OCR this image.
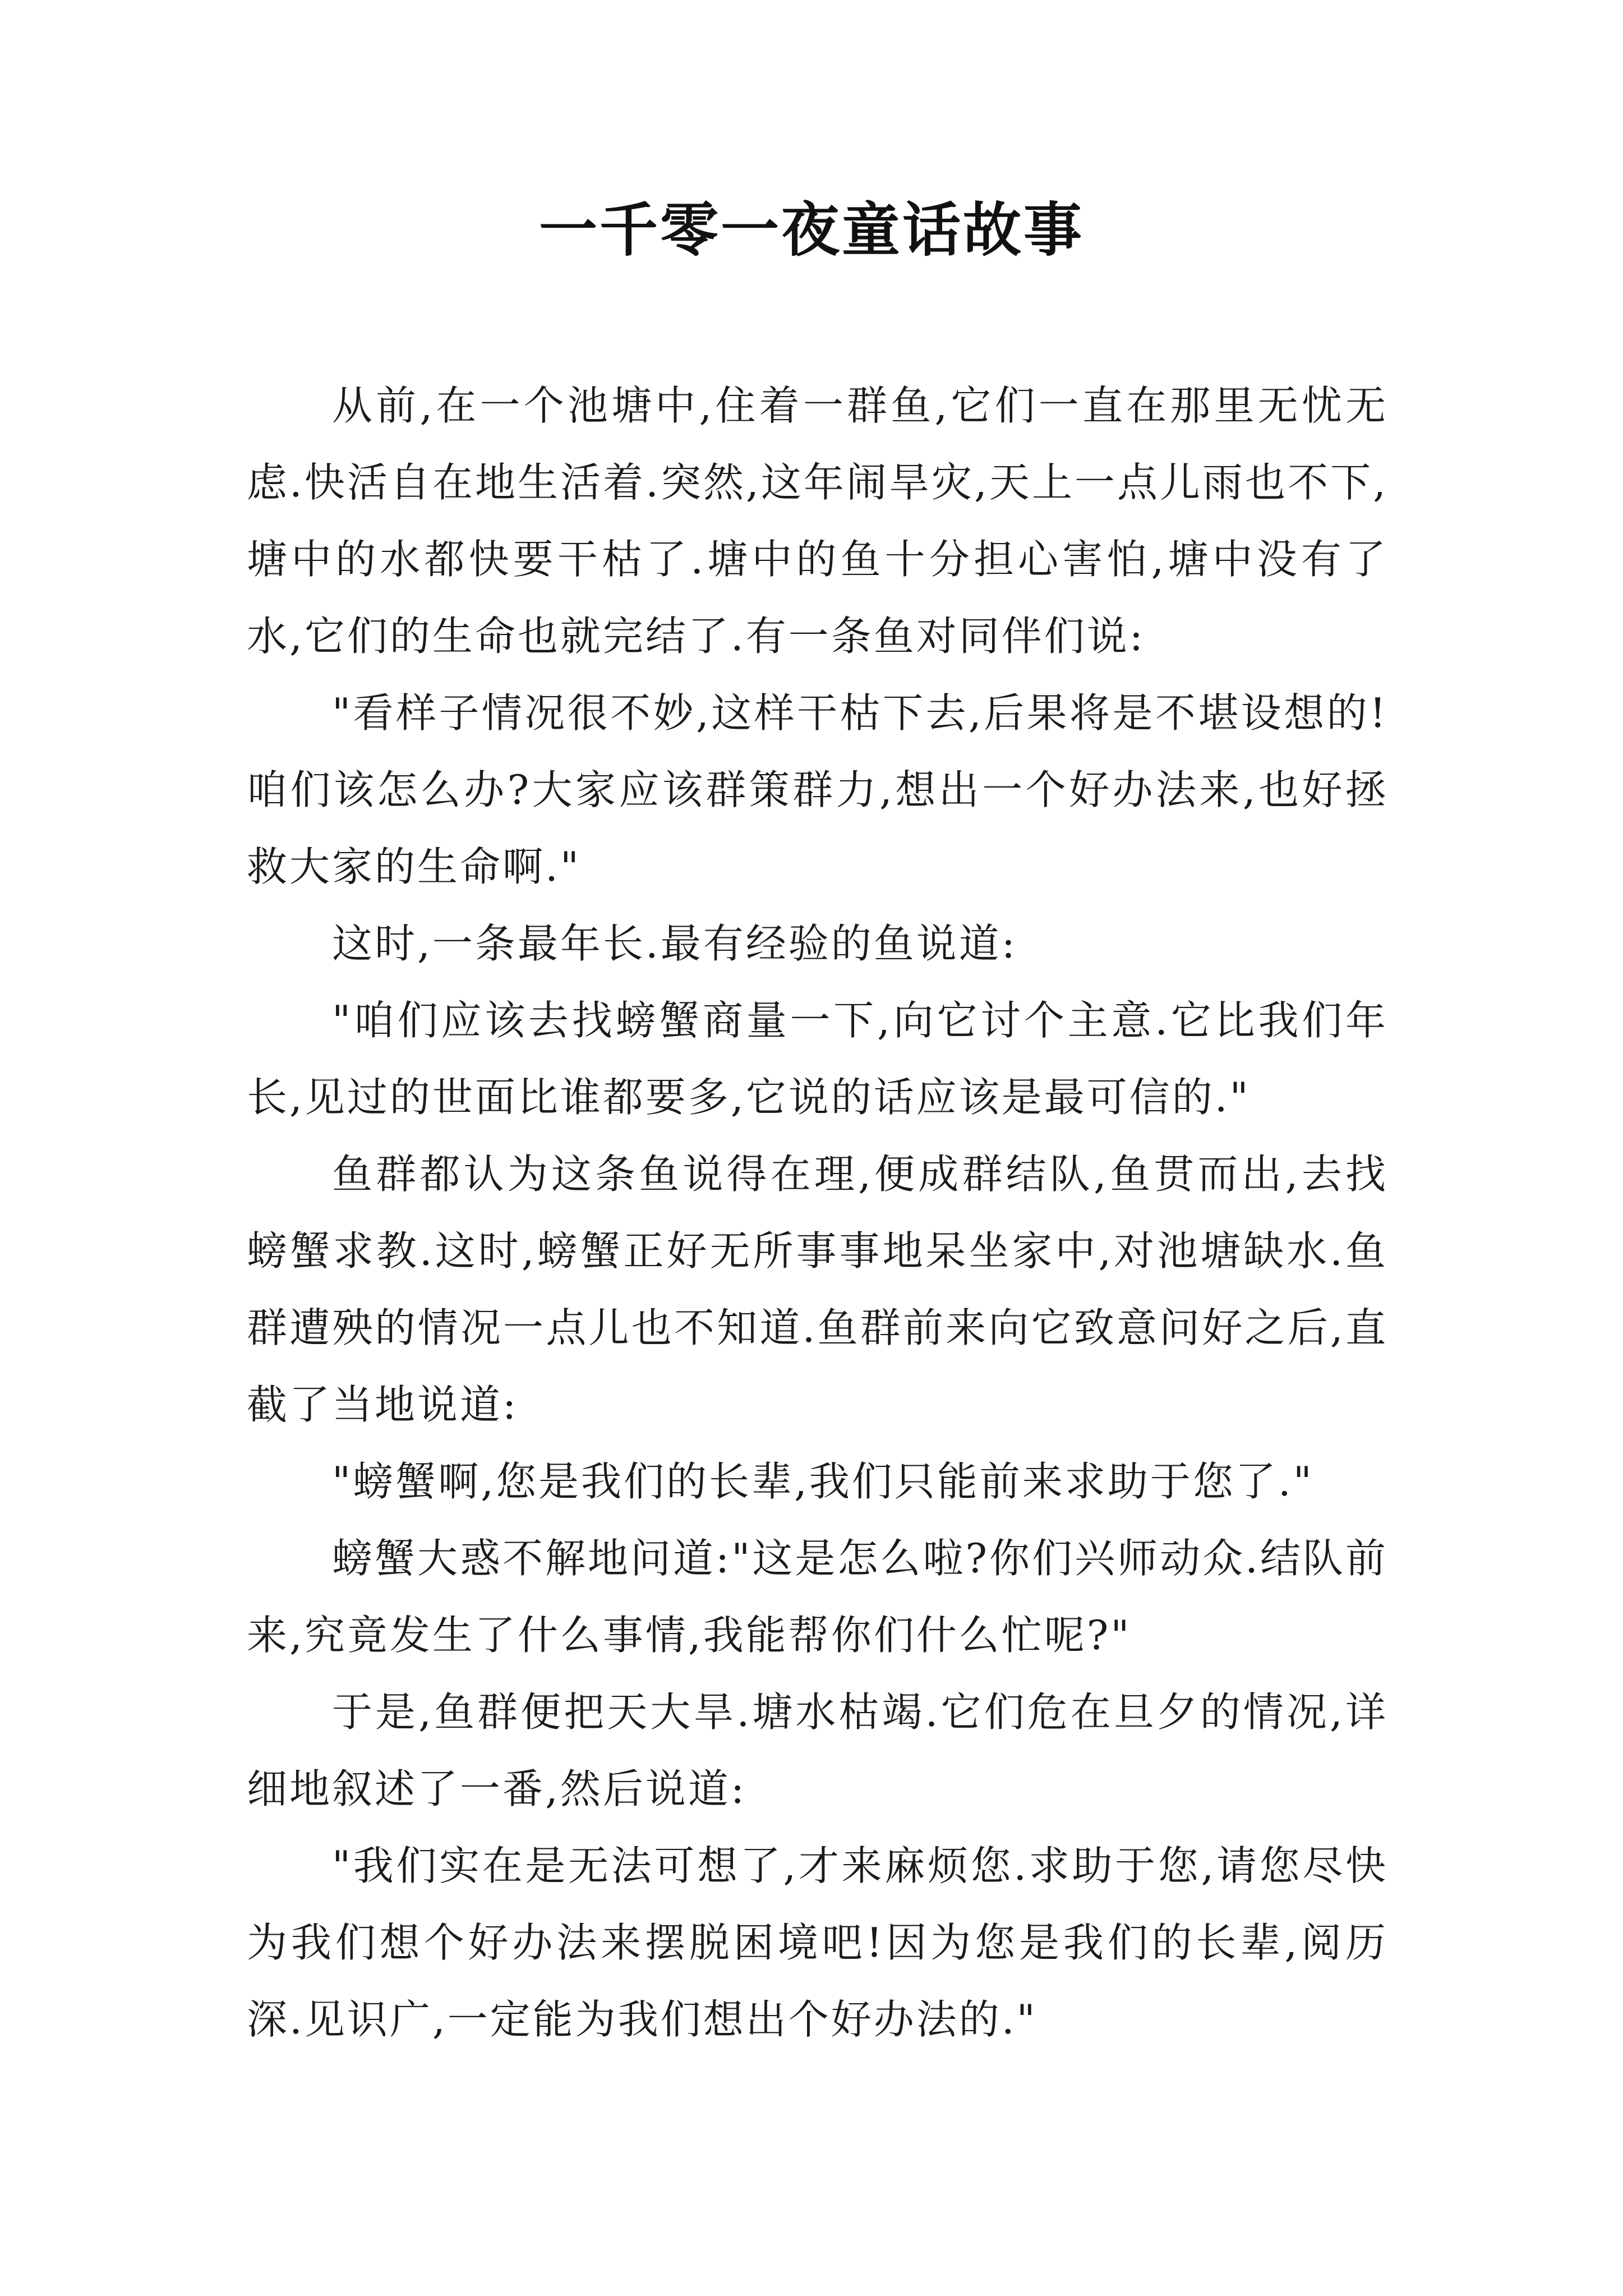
一千零一夜童话故事

从前,在一个池塘中,住着一群鱼,它们一直在那里无忧无虑.快活自在地生活着.突然,这年闹旱灾,天上一点儿雨也不下,塘中的水都快要干枯了.塘中的鱼十分担心害怕,塘中没有了水,它们的生命也就完结了.有一条鱼对同伴们说:

"看样子情况很不妙,这样干枯下去,后果将是不堪设想的!咱们该怎么办?大家应该群策群力,想出一个好办法来,也好拯救大家的生命啊."

这时,一条最年长.最有经验的鱼说道:

"咱们应该去找螃蟹商量一下,向它讨个主意.它比我们年长,见过的世面比谁都要多,它说的话应该是最可信的."

鱼群都认为这条鱼说得在理,便成群结队,鱼贯而出,去找螃蟹求教.这时,螃蟹正好无所事事地呆坐家中,对池塘缺水.鱼群遭殃的情况一点儿也不知道.鱼群前来向它致意问好之后,直截了当地说道:

"螃蟹啊,您是我们的长辈,我们只能前来求助于您了."

螃蟹大惑不解地问道:"这是怎么啦?你们兴师动众.结队前来,究竟发生了什么事情,我能帮你们什么忙呢?"

于是,鱼群便把天大旱.塘水枯竭.它们危在旦夕的情况,详细地叙述了一番,然后说道:

"我们实在是无法可想了,才来麻烦您.求助于您,请您尽快为我们想个好办法来摆脱困境吧!因为您是我们的长辈,阅历深.见识广,一定能为我们想出个好办法的."
